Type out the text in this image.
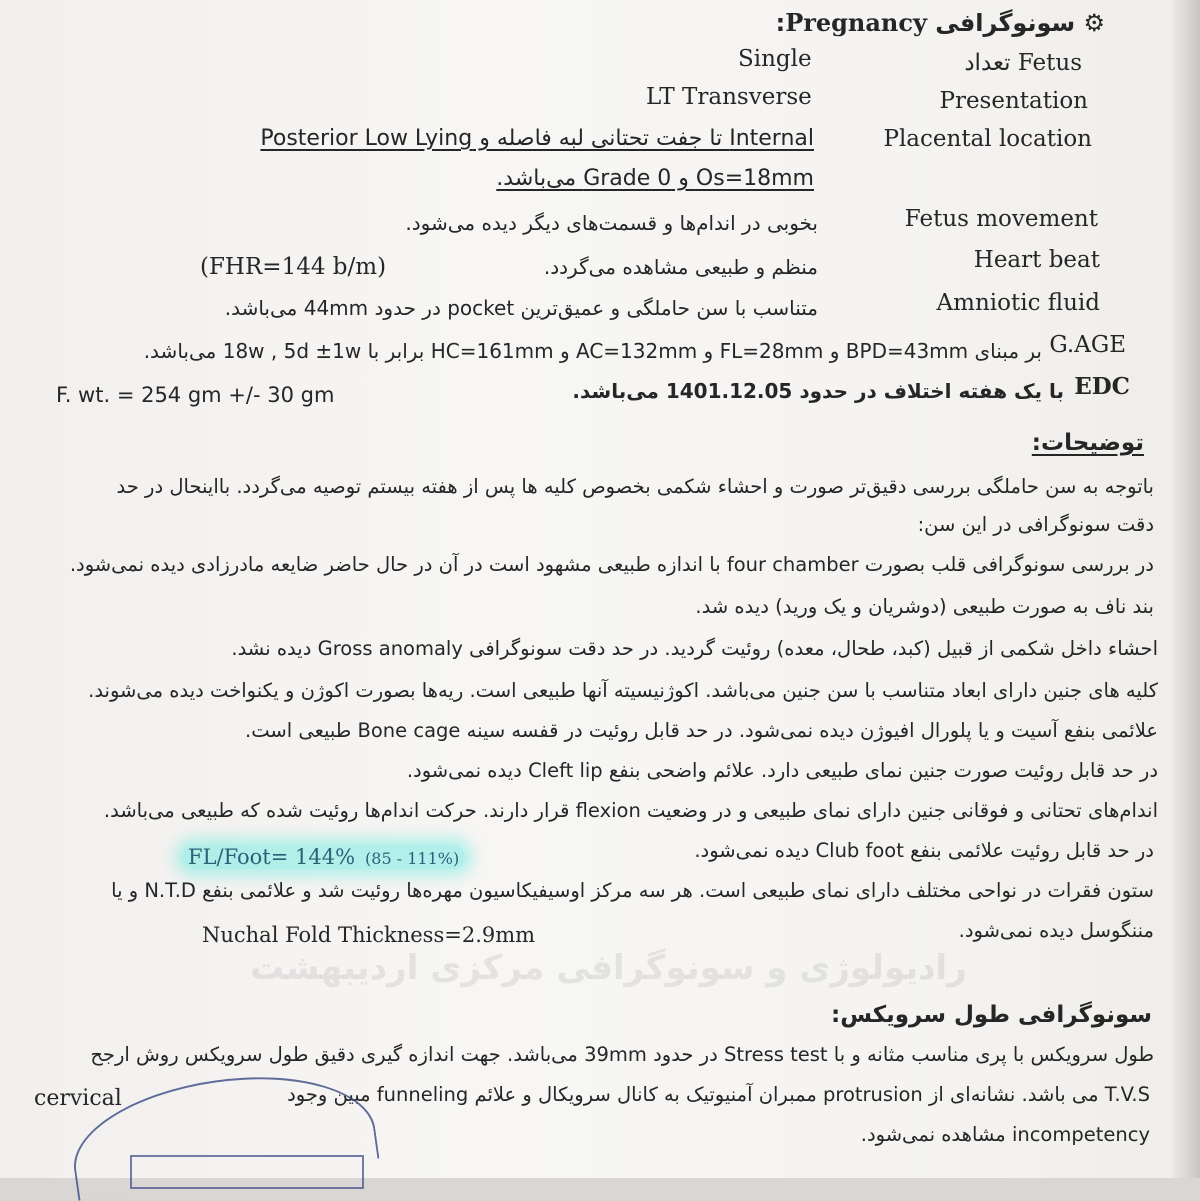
رادیولوژی و سونوگرافی مرکزی اردیبهشت
⚙ سونوگرافی Pregnancy:
Fetus تعداد
Single
Presentation
LT Transverse
Placental location
Internal تا جفت تحتانی لبه فاصله و Posterior Low Lying
Os=18mm و Grade 0 می‌باشد.
Fetus movement
بخوبی در اندام‌ها و قسمت‌های دیگر دیده می‌شود.
Heart beat
منظم و طبیعی مشاهده می‌گردد.
(FHR=144 b/m)
Amniotic fluid
متناسب با سن حاملگی و عمیق‌ترین pocket در حدود 44mm می‌باشد.
G.AGE
بر مبنای BPD=43mm و FL=28mm و AC=132mm و HC=161mm برابر با 18w , 5d ±1w می‌باشد.
EDC
با یک هفته اختلاف در حدود 1401.12.05 می‌باشد.
F. wt. = 254 gm +/- 30 gm
توضیحات:
باتوجه به سن حاملگی بررسی دقیق‌تر صورت و احشاء شکمی بخصوص کلیه ها پس از هفته بیستم توصیه می‌گردد. بااینحال در حد
دقت سونوگرافی در این سن:
در بررسی سونوگرافی قلب بصورت four chamber با اندازه طبیعی مشهود است در آن در حال حاضر ضایعه مادرزادی دیده نمی‌شود.
بند ناف به صورت طبیعی (دوشریان و یک ورید) دیده شد.
احشاء داخل شکمی از قبیل (کبد، طحال، معده) روئیت گردید. در حد دقت سونوگرافی Gross anomaly دیده نشد.
کلیه های جنین دارای ابعاد متناسب با سن جنین می‌باشد. اکوژنیسیته آنها طبیعی است. ریه‌ها بصورت اکوژن و یکنواخت دیده می‌شوند.
علائمی بنفع آسیت و یا پلورال افیوژن دیده نمی‌شود. در حد قابل روئیت در قفسه سینه Bone cage طبیعی است.
در حد قابل روئیت صورت جنین نمای طبیعی دارد. علائم واضحی بنفع Cleft lip دیده نمی‌شود.
اندام‌های تحتانی و فوقانی جنین دارای نمای طبیعی و در وضعیت flexion قرار دارند. حرکت اندام‌ها روئیت شده که طبیعی می‌باشد.
در حد قابل روئیت علائمی بنفع Club foot دیده نمی‌شود.
FL/Foot= 144% (85 - 111%)
ستون فقرات در نواحی مختلف دارای نمای طبیعی است. هر سه مرکز اوسیفیکاسیون مهره‌ها روئیت شد و علائمی بنفع N.T.D و یا
مننگوسل دیده نمی‌شود.
Nuchal Fold Thickness=2.9mm
سونوگرافی طول سرویکس:
طول سرویکس با پری مناسب مثانه و با Stress test در حدود 39mm می‌باشد. جهت اندازه گیری دقیق طول سرویکس روش ارجح
T.V.S می باشد. نشانه‌ای از protrusion ممبران آمنیوتیک به کانال سرویکال و علائم funneling مبین وجود
cervical
incompetency مشاهده نمی‌شود.
